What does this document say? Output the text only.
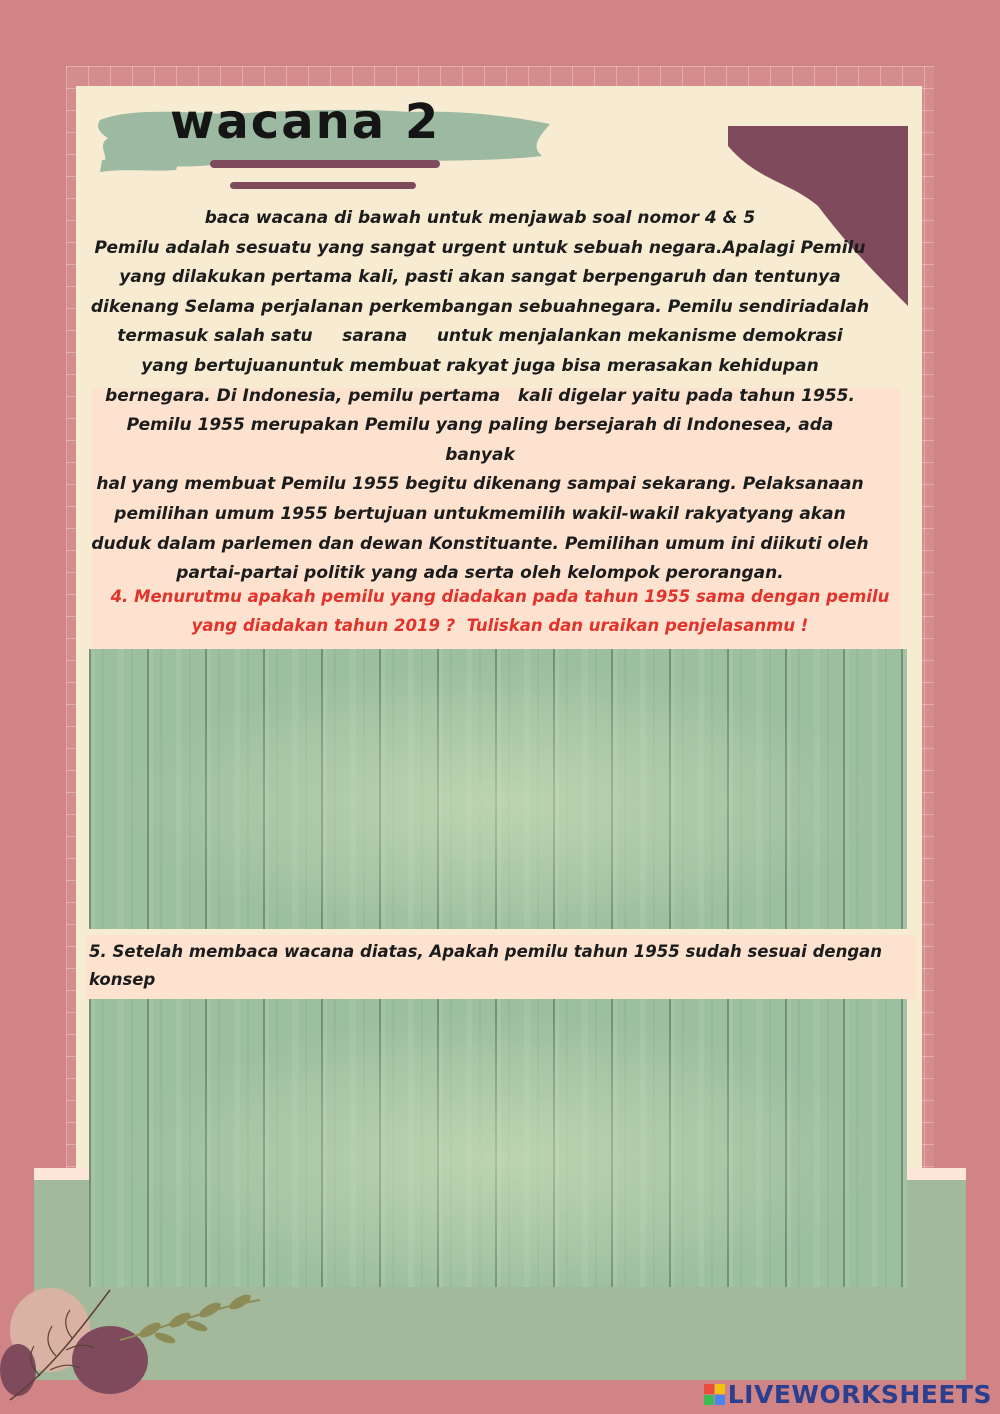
wacana 2

baca wacana di bawah untuk menjawab soal nomor 4 & 5

Pemilu adalah sesuatu yang sangat urgent untuk sebuah negara.Apalagi Pemilu

yang dilakukan pertama kali, pasti akan sangat berpengaruh dan tentunya

dikenang Selama perjalanan perkembangan sebuahnegara. Pemilu sendiriadalah

termasuk salah satu     sarana     untuk menjalankan mekanisme demokrasi

yang bertujuanuntuk membuat rakyat juga bisa merasakan kehidupan

bernegara. Di Indonesia, pemilu pertama   kali digelar yaitu pada tahun 1955.

Pemilu 1955 merupakan Pemilu yang paling bersejarah di Indonesea, ada banyak

hal yang membuat Pemilu 1955 begitu dikenang sampai sekarang. Pelaksanaan

pemilihan umum 1955 bertujuan untukmemilih wakil-wakil rakyatyang akan

duduk dalam parlemen dan dewan Konstituante. Pemilihan umum ini diikuti oleh

partai-partai politik yang ada serta oleh kelompok perorangan.

4. Menurutmu apakah pemilu yang diadakan pada tahun 1955 sama dengan pemilu
yang diadakan tahun 2019 ?  Tuliskan dan uraikan penjelasanmu !
5. Setelah membaca wacana diatas, Apakah pemilu tahun 1955 sudah sesuai dengan konsep
LIVEWORKSHEETS
